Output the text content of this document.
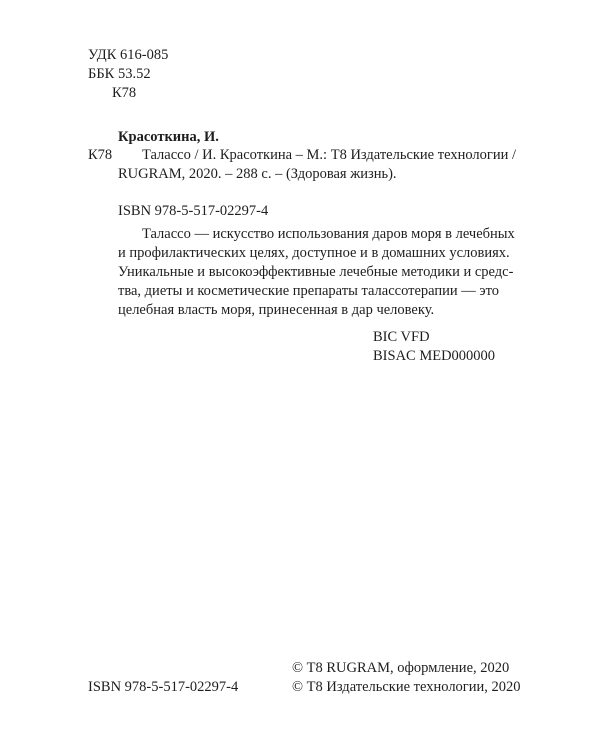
УДК 616-085
ББК 53.52
К78
Красоткина, И.
К78	Талассо / И. Красоткина – М.: Т8 Издательские технологии /
RUGRAM, 2020. – 288 с. – (Здоровая жизнь).
ISBN 978-5-517-02297-4
Талассо — искусство использования даров моря в лечебных
и профилактических целях, доступное и в домашних условиях.
Уникальные и высокоэффективные лечебные методики и средс-
тва, диеты и косметические препараты талассотерапии — это
целебная власть моря, принесенная в дар человеку.
BIC VFD
BISAC MED000000
© Т8 RUGRAM, оформление, 2020
© Т8 Издательские технологии, 2020
ISBN 978-5-517-02297-4
